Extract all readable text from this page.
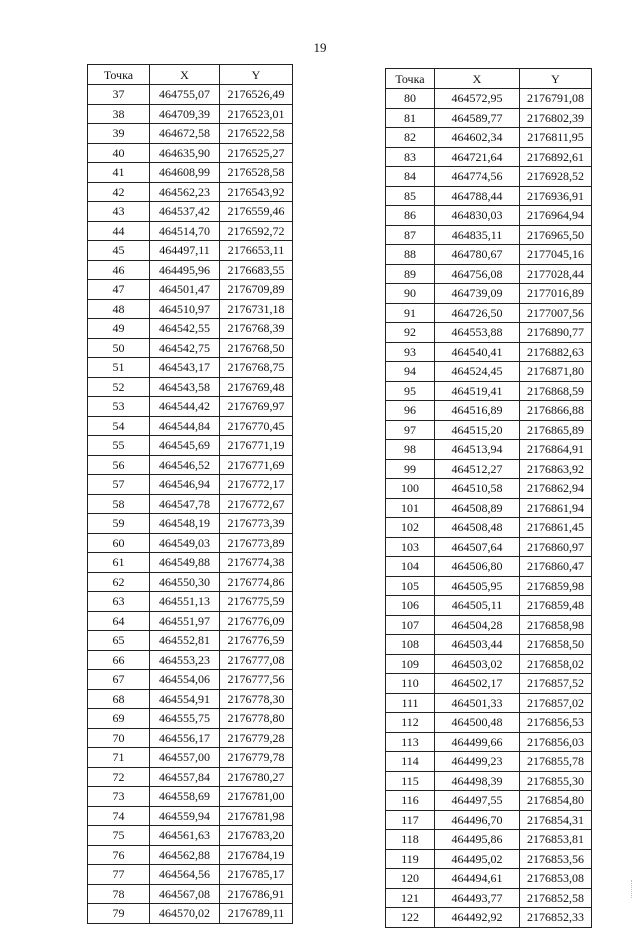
19
Точка	X	Y
37	464755,07	2176526,49
38	464709,39	2176523,01
39	464672,58	2176522,58
40	464635,90	2176525,27
41	464608,99	2176528,58
42	464562,23	2176543,92
43	464537,42	2176559,46
44	464514,70	2176592,72
45	464497,11	2176653,11
46	464495,96	2176683,55
47	464501,47	2176709,89
48	464510,97	2176731,18
49	464542,55	2176768,39
50	464542,75	2176768,50
51	464543,17	2176768,75
52	464543,58	2176769,48
53	464544,42	2176769,97
54	464544,84	2176770,45
55	464545,69	2176771,19
56	464546,52	2176771,69
57	464546,94	2176772,17
58	464547,78	2176772,67
59	464548,19	2176773,39
60	464549,03	2176773,89
61	464549,88	2176774,38
62	464550,30	2176774,86
63	464551,13	2176775,59
64	464551,97	2176776,09
65	464552,81	2176776,59
66	464553,23	2176777,08
67	464554,06	2176777,56
68	464554,91	2176778,30
69	464555,75	2176778,80
70	464556,17	2176779,28
71	464557,00	2176779,78
72	464557,84	2176780,27
73	464558,69	2176781,00
74	464559,94	2176781,98
75	464561,63	2176783,20
76	464562,88	2176784,19
77	464564,56	2176785,17
78	464567,08	2176786,91
79	464570,02	2176789,11
Точка	X	Y
80	464572,95	2176791,08
81	464589,77	2176802,39
82	464602,34	2176811,95
83	464721,64	2176892,61
84	464774,56	2176928,52
85	464788,44	2176936,91
86	464830,03	2176964,94
87	464835,11	2176965,50
88	464780,67	2177045,16
89	464756,08	2177028,44
90	464739,09	2177016,89
91	464726,50	2177007,56
92	464553,88	2176890,77
93	464540,41	2176882,63
94	464524,45	2176871,80
95	464519,41	2176868,59
96	464516,89	2176866,88
97	464515,20	2176865,89
98	464513,94	2176864,91
99	464512,27	2176863,92
100	464510,58	2176862,94
101	464508,89	2176861,94
102	464508,48	2176861,45
103	464507,64	2176860,97
104	464506,80	2176860,47
105	464505,95	2176859,98
106	464505,11	2176859,48
107	464504,28	2176858,98
108	464503,44	2176858,50
109	464503,02	2176858,02
110	464502,17	2176857,52
111	464501,33	2176857,02
112	464500,48	2176856,53
113	464499,66	2176856,03
114	464499,23	2176855,78
115	464498,39	2176855,30
116	464497,55	2176854,80
117	464496,70	2176854,31
118	464495,86	2176853,81
119	464495,02	2176853,56
120	464494,61	2176853,08
121	464493,77	2176852,58
122	464492,92	2176852,33
